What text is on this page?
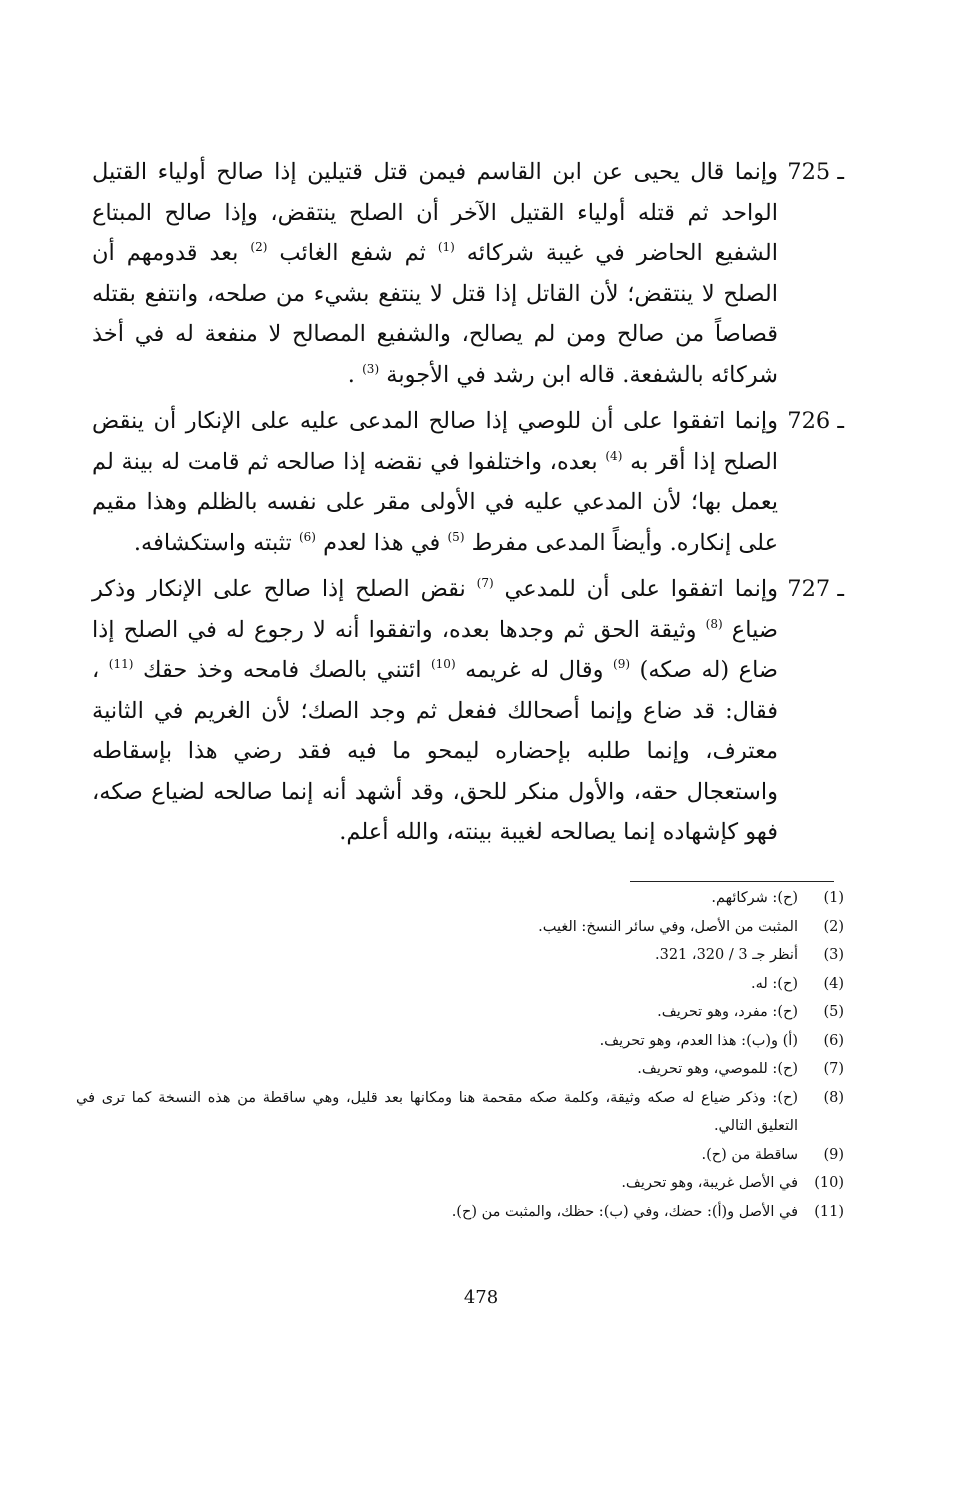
725 ـ
وإنما قال يحيى عن ابن القاسم فيمن قتل قتيلين إذا صالح أولياء القتيل الواحد ثم قتله أولياء القتيل الآخر أن الصلح ينتقض، وإذا صالح المبتاع الشفيع الحاضر في غيبة شركائه $^{(1)}$ ثم شفع الغائب $^{(2)}$ بعد قدومهم أن الصلح لا ينتقض؛ لأن القاتل إذا قتل لا ينتفع بشيء من صلحه، وانتفع بقتله قصاصاً من صالح ومن لم يصالح، والشفيع المصالح لا منفعة له في أخذ شركائه بالشفعة. قاله ابن رشد في الأجوبة $^{(3)}$ .
726 ـ
وإنما اتفقوا على أن للوصي إذا صالح المدعى عليه على الإنكار أن ينقض الصلح إذا أقر به $^{(4)}$ بعده، واختلفوا في نقضه إذا صالحه ثم قامت له بينة لم يعمل بها؛ لأن المدعي عليه في الأولى مقر على نفسه بالظلم وهذا مقيم على إنكاره. وأيضاً المدعى مفرط $^{(5)}$ في هذا لعدم $^{(6)}$ تثبته واستكشافه.
727 ـ
وإنما اتفقوا على أن للمدعي $^{(7)}$ نقض الصلح إذا صالح على الإنكار وذكر ضياع $^{(8)}$ وثيقة الحق ثم وجدها بعده، واتفقوا أنه لا رجوع له في الصلح إذا ضاع (له صكه) $^{(9)}$ وقال له غريمه $^{(10)}$ ائتني بالصك فامحه وخذ حقك $^{(11)}$ ، فقال: قد ضاع وإنما أصحالك ففعل ثم وجد الصك؛ لأن الغريم في الثانية معترف، وإنما طلبه بإحضاره ليمحو ما فيه فقد رضي هذا بإسقاطه واستعجال حقه، والأول منكر للحق، وقد أشهد أنه إنما صالحه لضياع صكه، فهو كإشهاده إنما يصالحه لغيبة بينته، والله أعلم.
(1)
(ح): شركائهم.
(2)
المثبت من الأصل، وفي سائر النسخ: الغيب.
(3)
أنظر جـ 3 / 320، 321.
(4)
(ح): له.
(5)
(ح): مفرد، وهو تحريف.
(6)
(أ) و(ب): هذا العدم، وهو تحريف.
(7)
(ح): للموصي، وهو تحريف.
(8)
(ح): وذكر ضياع له صكه وثيقة، وكلمة صكه مقحمة هنا ومكانها بعد قليل، وهي ساقطة من هذه النسخة كما ترى في التعليق التالي.
(9)
ساقطة من (ح).
(10)
في الأصل غريبة، وهو تحريف.
(11)
في الأصل و(أ): حضك، وفي (ب): حظك، والمثبت من (ح).
478
